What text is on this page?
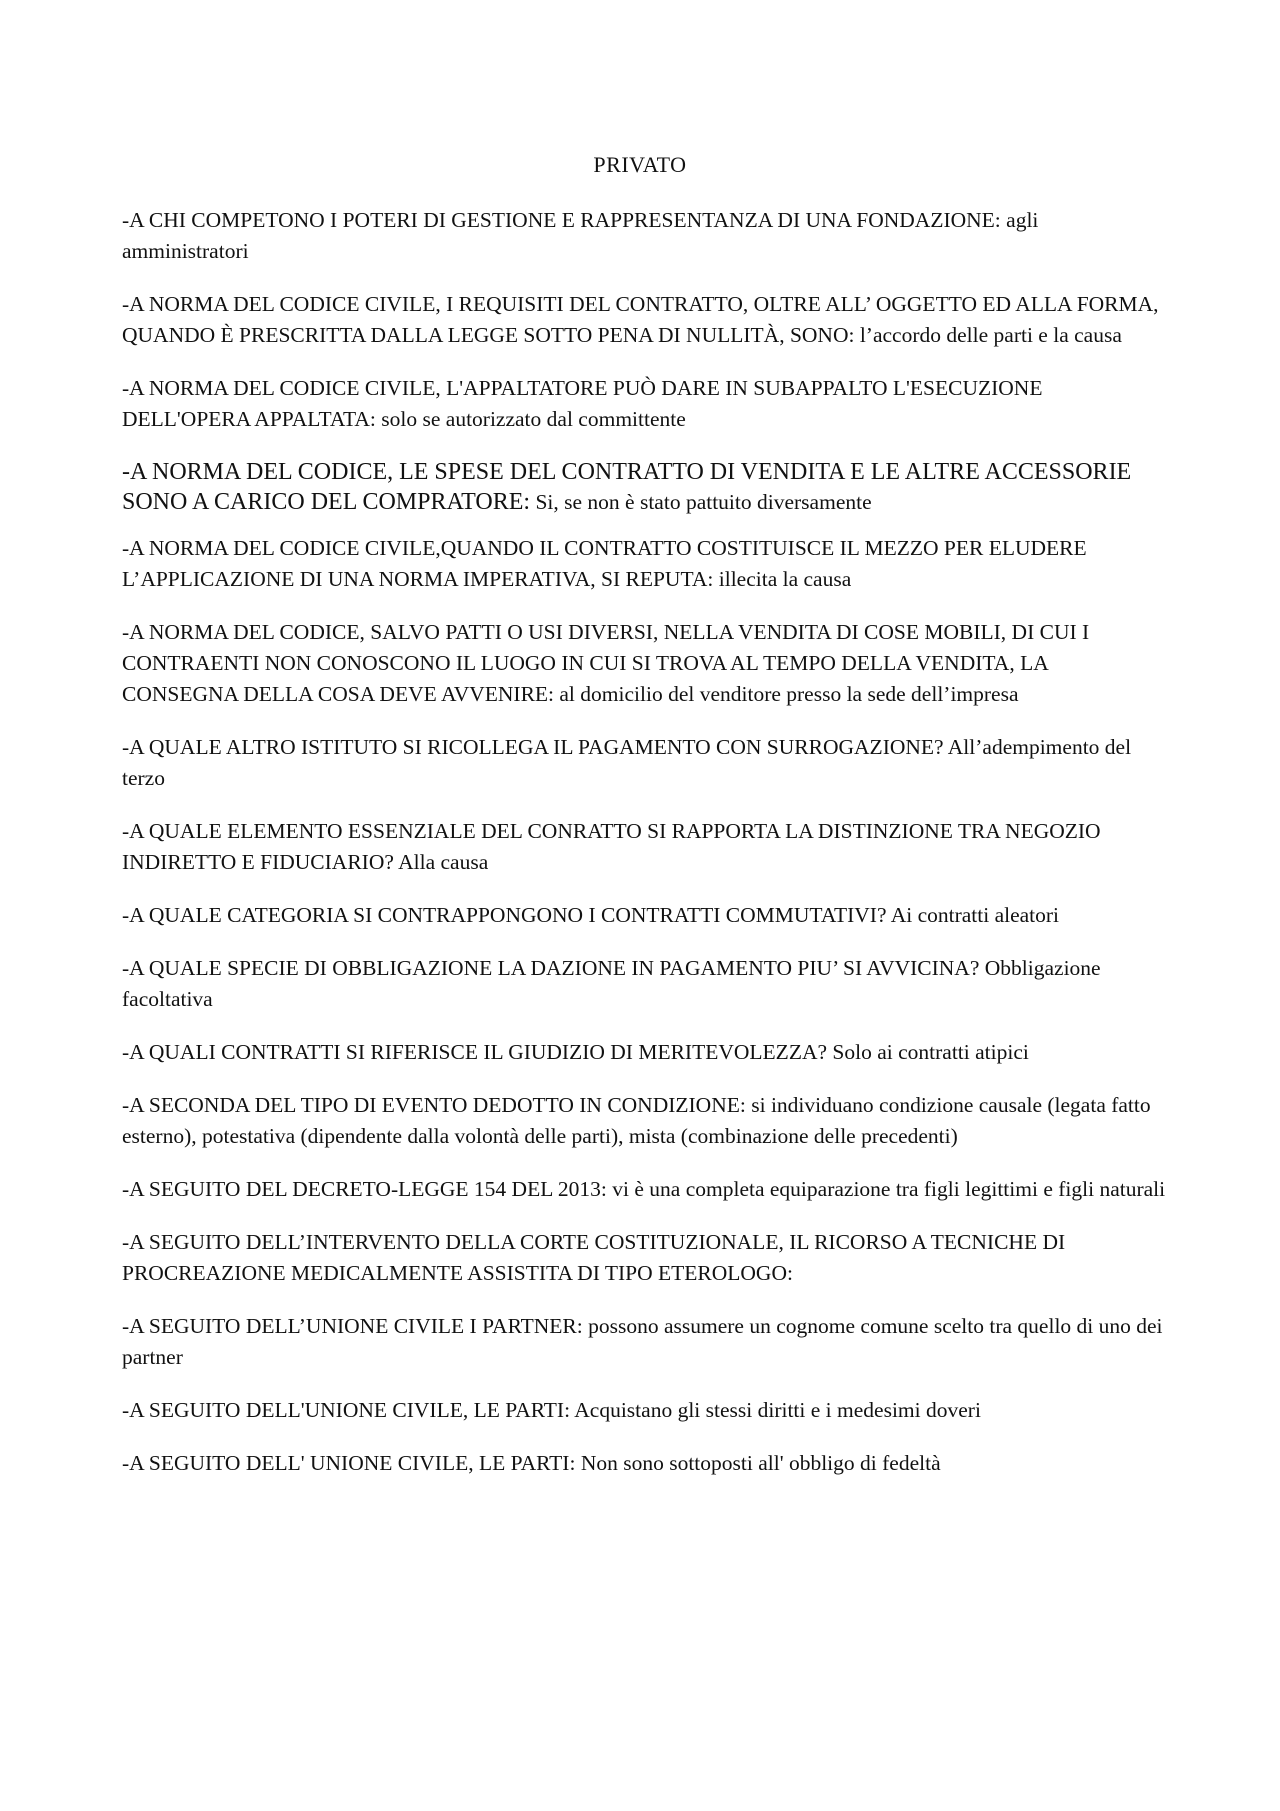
PRIVATO

-A CHI COMPETONO I POTERI DI GESTIONE E RAPPRESENTANZA DI UNA FONDAZIONE: agli amministratori

-A NORMA DEL CODICE CIVILE, I REQUISITI DEL CONTRATTO, OLTRE ALL’ OGGETTO ED ALLA FORMA, QUANDO È PRESCRITTA DALLA LEGGE SOTTO PENA DI NULLITÀ, SONO: l’accordo delle parti e la causa

-A NORMA DEL CODICE CIVILE, L'APPALTATORE PUÒ DARE IN SUBAPPALTO L'ESECUZIONE DELL'OPERA APPALTATA: solo se autorizzato dal committente

-A NORMA DEL CODICE, LE SPESE DEL CONTRATTO DI VENDITA E LE ALTRE ACCESSORIE SONO A CARICO DEL COMPRATORE: Si, se non è stato pattuito diversamente

-A NORMA DEL CODICE CIVILE,QUANDO IL CONTRATTO COSTITUISCE IL MEZZO PER ELUDERE L’APPLICAZIONE DI UNA NORMA IMPERATIVA, SI REPUTA: illecita la causa

-A NORMA DEL CODICE, SALVO PATTI O USI DIVERSI, NELLA VENDITA DI COSE MOBILI, DI CUI I CONTRAENTI NON CONOSCONO IL LUOGO IN CUI SI TROVA AL TEMPO DELLA VENDITA, LA CONSEGNA DELLA COSA DEVE AVVENIRE: al domicilio del venditore presso la sede dell’impresa

-A QUALE ALTRO ISTITUTO SI RICOLLEGA IL PAGAMENTO CON SURROGAZIONE? All’adempimento del terzo

-A QUALE ELEMENTO ESSENZIALE DEL CONRATTO SI RAPPORTA LA DISTINZIONE TRA NEGOZIO INDIRETTO E FIDUCIARIO? Alla causa

-A QUALE CATEGORIA SI CONTRAPPONGONO I CONTRATTI COMMUTATIVI? Ai contratti aleatori

-A QUALE SPECIE DI OBBLIGAZIONE LA DAZIONE IN PAGAMENTO PIU’ SI AVVICINA? Obbligazione facoltativa

-A QUALI CONTRATTI SI RIFERISCE IL GIUDIZIO DI MERITEVOLEZZA? Solo ai contratti atipici

-A SECONDA DEL TIPO DI EVENTO DEDOTTO IN CONDIZIONE: si individuano condizione causale (legata fatto esterno), potestativa (dipendente dalla volontà delle parti), mista (combinazione delle precedenti)

-A SEGUITO DEL DECRETO-LEGGE 154 DEL 2013: vi è una completa equiparazione tra figli legittimi e figli naturali

-A SEGUITO DELL’INTERVENTO DELLA CORTE COSTITUZIONALE, IL RICORSO A TECNICHE DI PROCREAZIONE MEDICALMENTE ASSISTITA DI TIPO ETEROLOGO:

-A SEGUITO DELL’UNIONE CIVILE I PARTNER: possono assumere un cognome comune scelto tra quello di uno dei partner

-A SEGUITO DELL'UNIONE CIVILE, LE PARTI: Acquistano gli stessi diritti e i medesimi doveri

-A SEGUITO DELL' UNIONE CIVILE, LE PARTI: Non sono sottoposti all' obbligo di fedeltà
